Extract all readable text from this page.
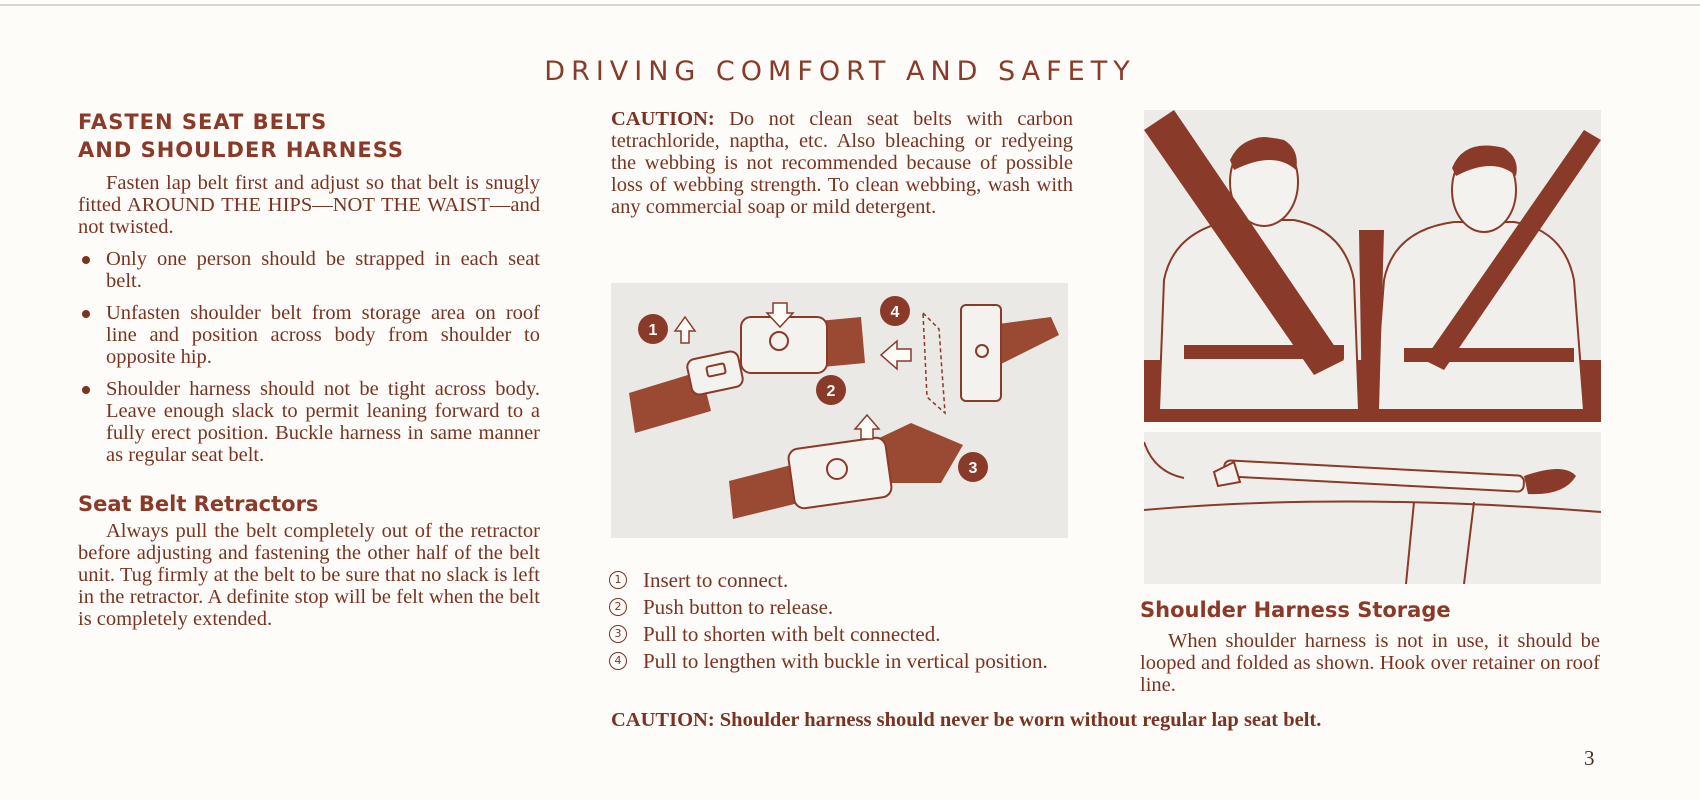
DRIVING COMFORT AND SAFETY
FASTEN SEAT BELTS
AND SHOULDER HARNESS

Fasten lap belt first and adjust so that belt is snugly fitted AROUND THE HIPS—NOT THE WAIST—and not twisted.

Only one person should be strapped in each seat belt.
Unfasten shoulder belt from storage area on roof line and position across body from shoulder to opposite hip.
Shoulder harness should not be tight across body. Leave enough slack to permit leaning forward to a fully erect position. Buckle harness in same manner as regular seat belt.
Seat Belt Retractors

Always pull the belt completely out of the retractor before adjusting and fastening the other half of the belt unit. Tug firmly at the belt to be sure that no slack is left in the retractor. A definite stop will be felt when the belt is completely extended.

CAUTION: Do not clean seat belts with carbon tetrachloride, naptha, etc. Also bleaching or redyeing the webbing is not recommended because of possible loss of webbing strength. To clean webbing, wash with any commercial soap or mild detergent.

1
2
4
3
1 Insert to connect.
2 Push button to release.
3 Pull to shorten with belt connected.
4 Pull to lengthen with buckle in vertical position.
Shoulder Harness Storage

When shoulder harness is not in use, it should be looped and folded as shown. Hook over retainer on roof line.

CAUTION: Shoulder harness should never be worn without regular lap seat belt.

3
